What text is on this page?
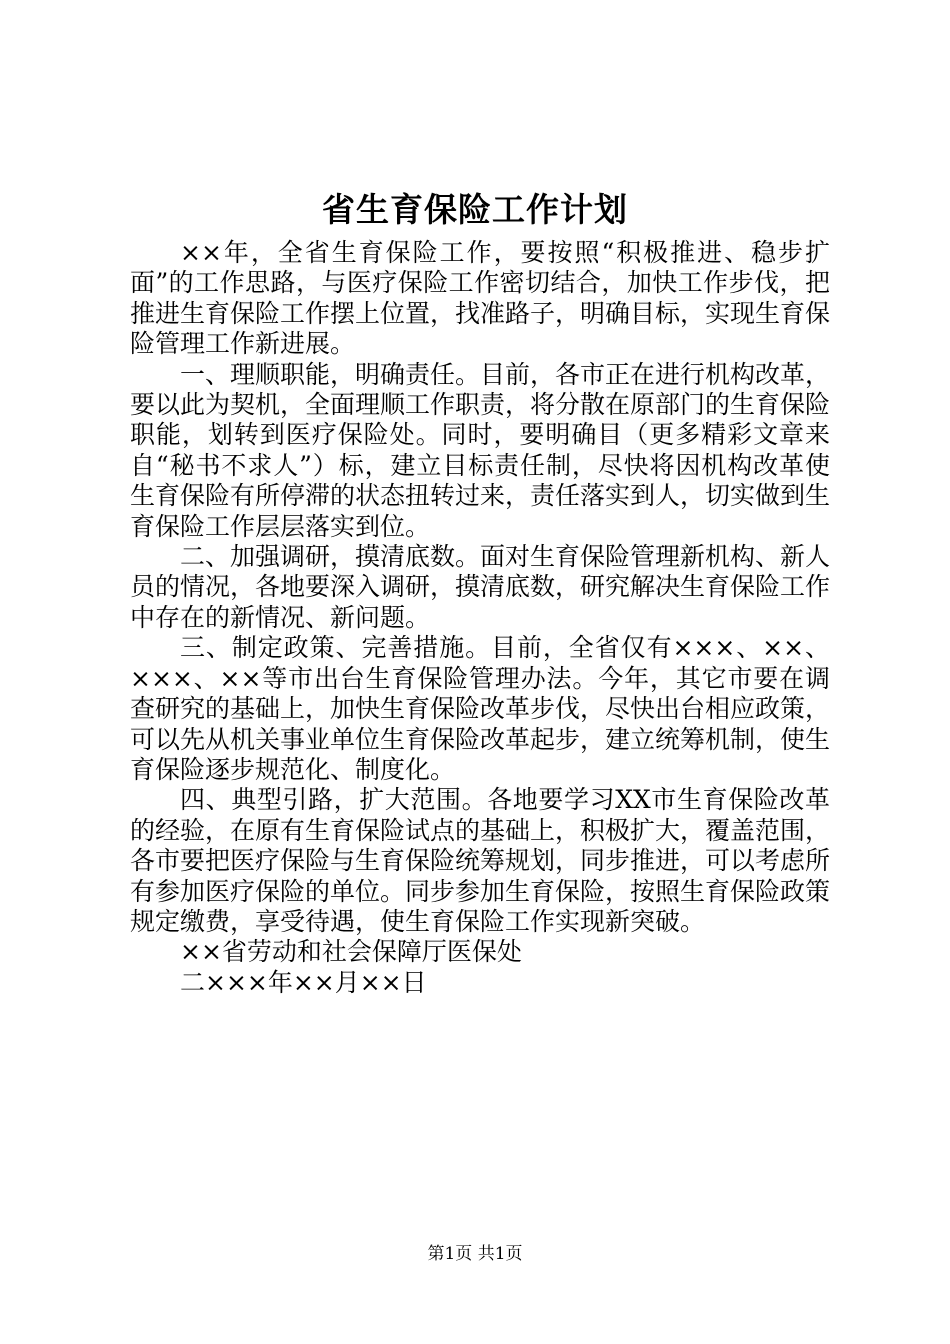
省生育保险工作计划

××年，全省生育保险工作，要按照“积极推进、稳步扩面”的工作思路，与医疗保险工作密切结合，加快工作步伐，把推进生育保险工作摆上位置，找准路子，明确目标，实现生育保险管理工作新进展。

一、理顺职能，明确责任。目前，各市正在进行机构改革，要以此为契机，全面理顺工作职责，将分散在原部门的生育保险职能，划转到医疗保险处。同时，要明确目（更多精彩文章来自“秘书不求人”）标，建立目标责任制，尽快将因机构改革使生育保险有所停滞的状态扭转过来，责任落实到人，切实做到生育保险工作层层落实到位。

二、加强调研，摸清底数。面对生育保险管理新机构、新人员的情况，各地要深入调研，摸清底数，研究解决生育保险工作中存在的新情况、新问题。

三、制定政策、完善措施。目前，全省仅有×××、××、×××、××等市出台生育保险管理办法。今年，其它市要在调查研究的基础上，加快生育保险改革步伐，尽快出台相应政策，可以先从机关事业单位生育保险改革起步，建立统筹机制，使生育保险逐步规范化、制度化。

四、典型引路，扩大范围。各地要学习XX市生育保险改革的经验，在原有生育保险试点的基础上，积极扩大，覆盖范围，各市要把医疗保险与生育保险统筹规划，同步推进，可以考虑所有参加医疗保险的单位。同步参加生育保险，按照生育保险政策规定缴费，享受待遇，使生育保险工作实现新突破。

××省劳动和社会保障厅医保处

二×××年××月××日

第1页 共1页
